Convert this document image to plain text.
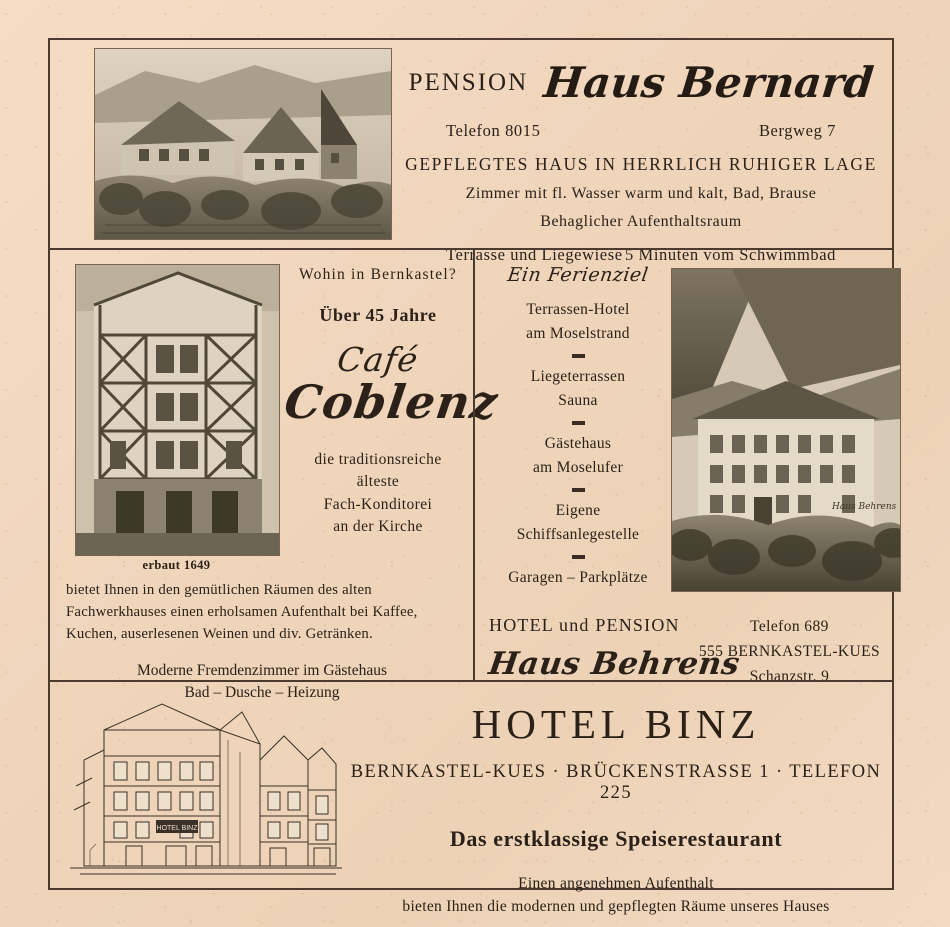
PENSION Haus Bernard
Telefon 8015	Bergweg 7
GEPFLEGTES HAUS IN HERRLICH RUHIGER LAGE
Zimmer mit fl. Wasser warm und kalt, Bad, Brause
Behaglicher Aufenthaltsraum
Terrasse und Liegewiese 5 Minuten vom Schwimmbad
erbaut 1649
Wohin in Bernkastel?
Über 45 Jahre
Café
Coblenz
die traditionsreiche
älteste
Fach-Konditorei
an der Kirche
bietet Ihnen in den gemütlichen Räumen des alten Fachwerkhauses einen erholsamen Aufenthalt bei Kaffee, Kuchen, auserlesenen Weinen und div. Getränken.
Moderne Fremdenzimmer im Gästehaus
Bad – Dusche – Heizung
Ein Ferienziel
Terrassen-Hotel
am Moselstrand
Liegeterrassen
Sauna
Gästehaus
am Moselufer
Eigene
Schiffsanlegestelle
Garagen – Parkplätze
Haus Behrens
HOTEL und PENSION
Haus Behrens
Telefon 689
555 BERNKASTEL-KUES
Schanzstr. 9
HOTEL BINZ
HOTEL BINZ
BERNKASTEL-KUES · BRÜCKENSTRASSE 1 · TELEFON 225
Das erstklassige Speiserestaurant
Einen angenehmen Aufenthalt
bieten Ihnen die modernen und gepflegten Räume unseres Hauses
